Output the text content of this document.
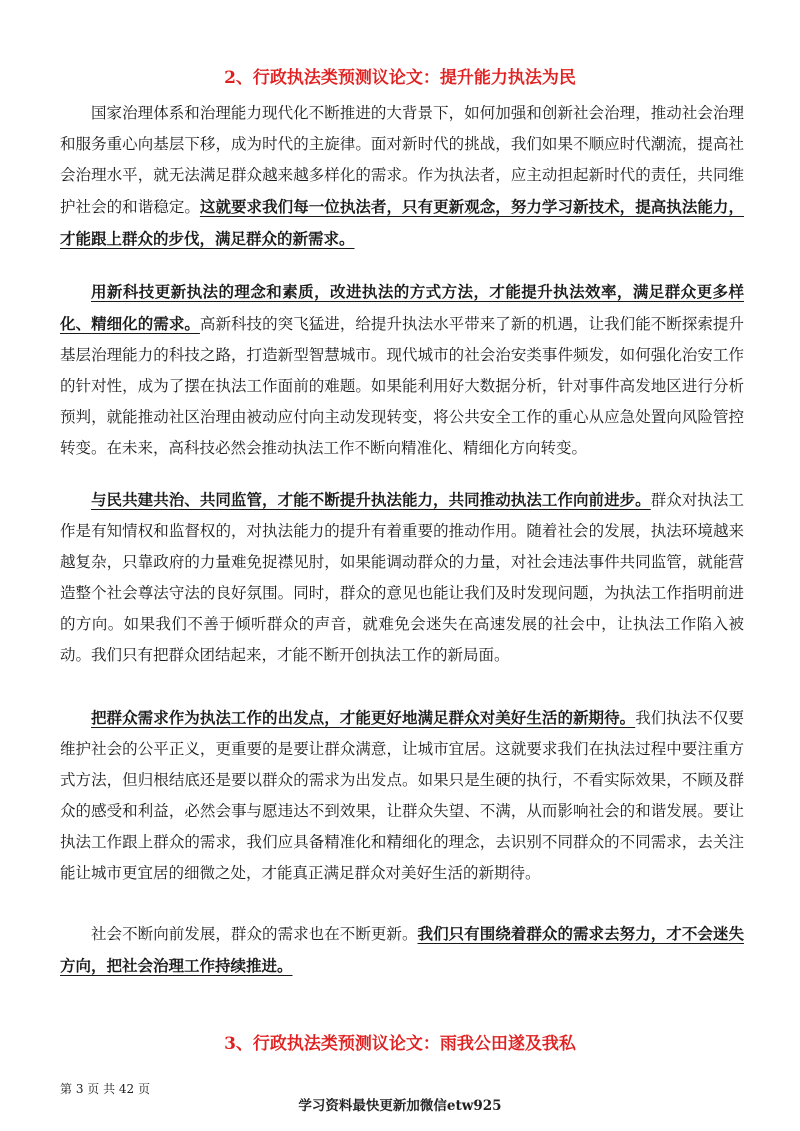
2、行政执法类预测议论文：提升能力执法为民

国家治理体系和治理能力现代化不断推进的大背景下，如何加强和创新社会治理，推动社会治理和服务重心向基层下移，成为时代的主旋律。面对新时代的挑战，我们如果不顺应时代潮流，提高社会治理水平，就无法满足群众越来越多样化的需求。作为执法者，应主动担起新时代的责任，共同维护社会的和谐稳定。这就要求我们每一位执法者，只有更新观念，努力学习新技术，提高执法能力，才能跟上群众的步伐，满足群众的新需求。

用新科技更新执法的理念和素质，改进执法的方式方法，才能提升执法效率，满足群众更多样化、精细化的需求。高新科技的突飞猛进，给提升执法水平带来了新的机遇，让我们能不断探索提升基层治理能力的科技之路，打造新型智慧城市。现代城市的社会治安类事件频发，如何强化治安工作的针对性，成为了摆在执法工作面前的难题。如果能利用好大数据分析，针对事件高发地区进行分析预判，就能推动社区治理由被动应付向主动发现转变，将公共安全工作的重心从应急处置向风险管控转变。在未来，高科技必然会推动执法工作不断向精准化、精细化方向转变。

与民共建共治、共同监管，才能不断提升执法能力，共同推动执法工作向前进步。群众对执法工作是有知情权和监督权的，对执法能力的提升有着重要的推动作用。随着社会的发展，执法环境越来越复杂，只靠政府的力量难免捉襟见肘，如果能调动群众的力量，对社会违法事件共同监管，就能营造整个社会尊法守法的良好氛围。同时，群众的意见也能让我们及时发现问题，为执法工作指明前进的方向。如果我们不善于倾听群众的声音，就难免会迷失在高速发展的社会中，让执法工作陷入被动。我们只有把群众团结起来，才能不断开创执法工作的新局面。

把群众需求作为执法工作的出发点，才能更好地满足群众对美好生活的新期待。我们执法不仅要维护社会的公平正义，更重要的是要让群众满意，让城市宜居。这就要求我们在执法过程中要注重方式方法，但归根结底还是要以群众的需求为出发点。如果只是生硬的执行，不看实际效果，不顾及群众的感受和利益，必然会事与愿违达不到效果，让群众失望、不满，从而影响社会的和谐发展。要让执法工作跟上群众的需求，我们应具备精准化和精细化的理念，去识别不同群众的不同需求，去关注能让城市更宜居的细微之处，才能真正满足群众对美好生活的新期待。

社会不断向前发展，群众的需求也在不断更新。我们只有围绕着群众的需求去努力，才不会迷失方向，把社会治理工作持续推进。

3、行政执法类预测议论文：雨我公田遂及我私
第 3 页 共 42 页
学习资料最快更新加微信etw925
